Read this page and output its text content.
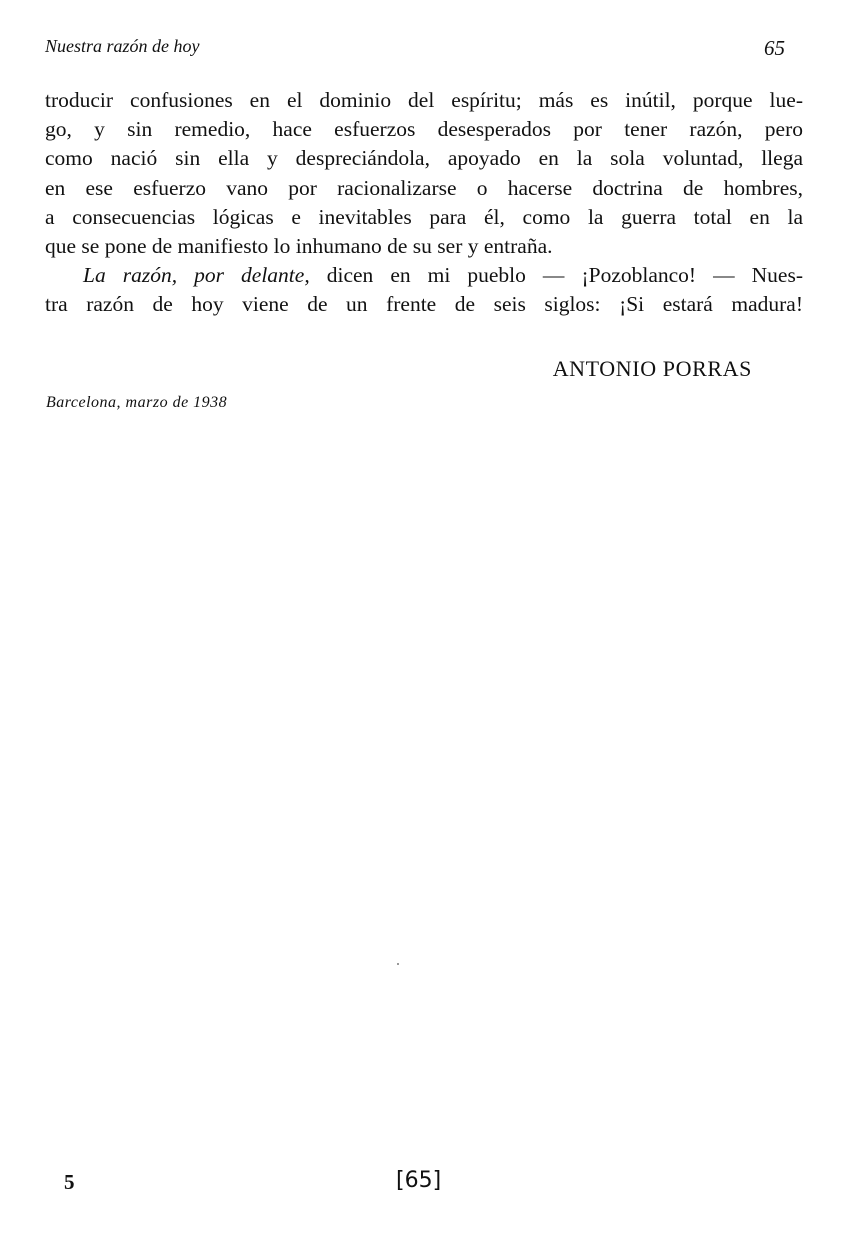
Nuestra razón de hoy	65
troducir confusiones en el dominio del espíritu; más es inútil, porque lue-
go, y sin remedio, hace esfuerzos desesperados por tener razón, pero
como nació sin ella y despreciándola, apoyado en la sola voluntad, llega
en ese esfuerzo vano por racionalizarse o hacerse doctrina de hombres,
a consecuencias lógicas e inevitables para él, como la guerra total en la
que se pone de manifiesto lo inhumano de su ser y entraña.
La razón, por delante, dicen en mi pueblo — ¡Pozoblanco! — Nues-
tra razón de hoy viene de un frente de seis siglos: ¡Si estará madura!
ANTONIO PORRAS
Barcelona, marzo de 1938
5	[65]
